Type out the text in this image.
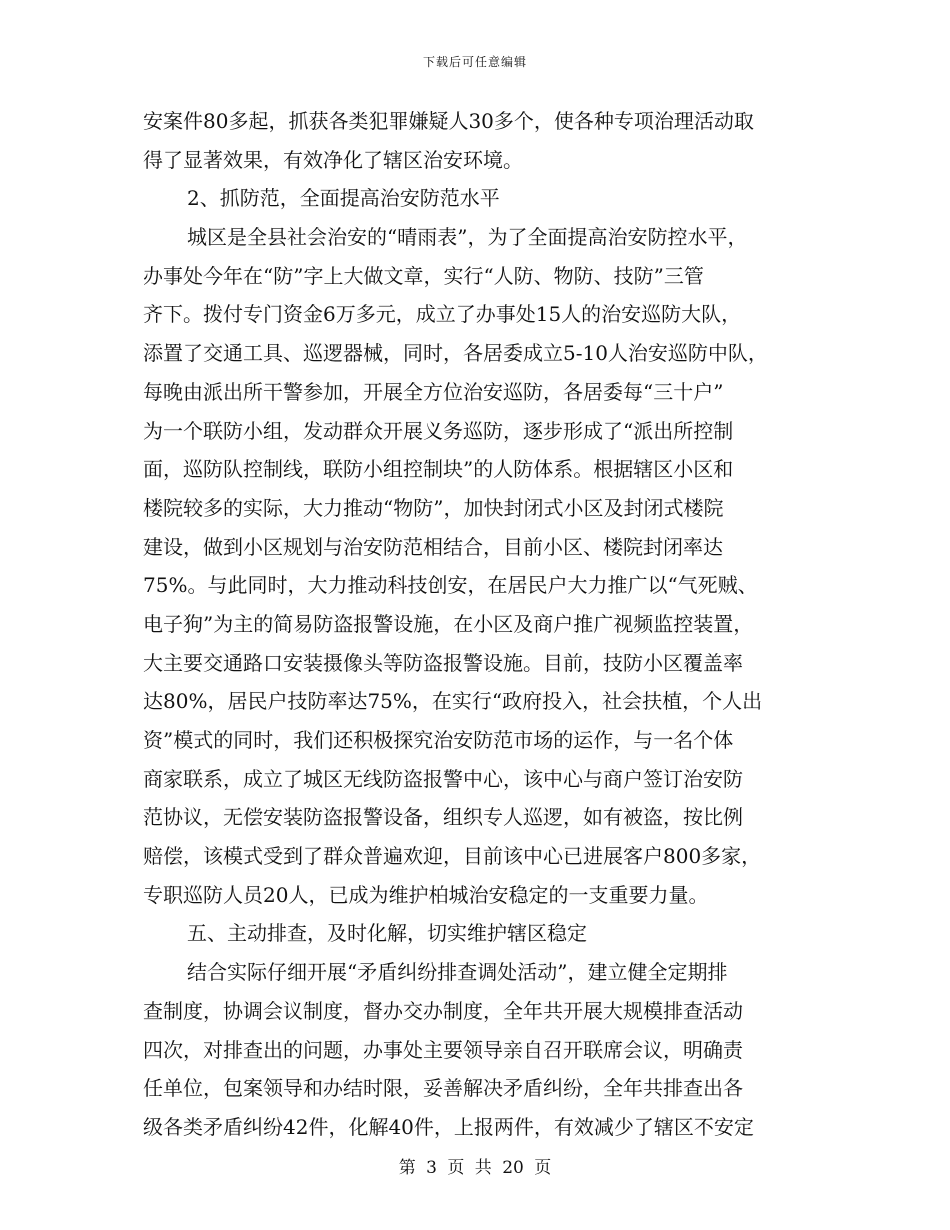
下载后可任意编辑
安案件80多起，抓获各类犯罪嫌疑人30多个，使各种专项治理活动取
得了显著效果，有效净化了辖区治安环境。
2、抓防范，全面提高治安防范水平
城区是全县社会治安的“晴雨表”，为了全面提高治安防控水平，
办事处今年在“防”字上大做文章，实行“人防、物防、技防”三管
齐下。拨付专门资金6万多元，成立了办事处15人的治安巡防大队，
添置了交通工具、巡逻器械，同时，各居委成立5-10人治安巡防中队，
每晚由派出所干警参加，开展全方位治安巡防，各居委每“三十户”
为一个联防小组，发动群众开展义务巡防，逐步形成了“派出所控制
面，巡防队控制线，联防小组控制块”的人防体系。根据辖区小区和
楼院较多的实际，大力推动“物防”，加快封闭式小区及封闭式楼院
建设，做到小区规划与治安防范相结合，目前小区、楼院封闭率达
75%。与此同时，大力推动科技创安，在居民户大力推广以“气死贼、
电子狗”为主的简易防盗报警设施，在小区及商户推广视频监控装置，
大主要交通路口安装摄像头等防盗报警设施。目前，技防小区覆盖率
达80%，居民户技防率达75%，在实行“政府投入，社会扶植，个人出
资”模式的同时，我们还积极探究治安防范市场的运作，与一名个体
商家联系，成立了城区无线防盗报警中心，该中心与商户签订治安防
范协议，无偿安装防盗报警设备，组织专人巡逻，如有被盗，按比例
赔偿，该模式受到了群众普遍欢迎，目前该中心已进展客户800多家，
专职巡防人员20人，已成为维护柏城治安稳定的一支重要力量。
五、主动排查，及时化解，切实维护辖区稳定
结合实际仔细开展“矛盾纠纷排查调处活动”，建立健全定期排
查制度，协调会议制度，督办交办制度，全年共开展大规模排查活动
四次，对排查出的问题，办事处主要领导亲自召开联席会议，明确责
任单位，包案领导和办结时限，妥善解决矛盾纠纷，全年共排查出各
级各类矛盾纠纷42件，化解40件，上报两件，有效减少了辖区不安定
第 3 页 共 20 页
